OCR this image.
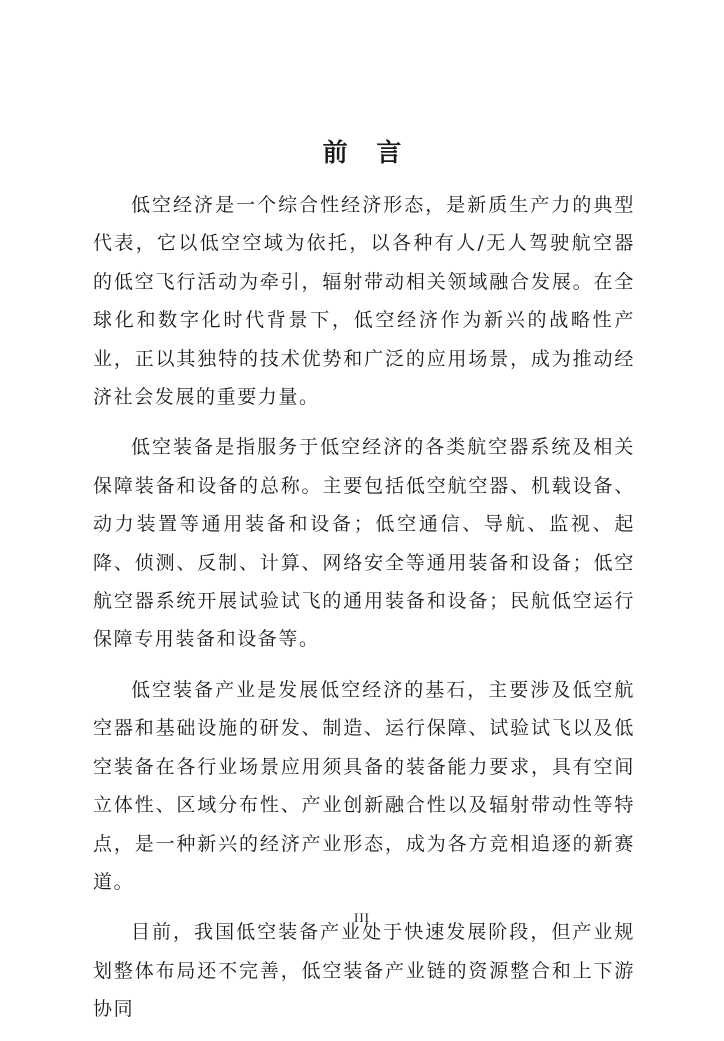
前 言

低空经济是一个综合性经济形态，是新质生产力的典型代表，它以低空空域为依托，以各种有人/无人驾驶航空器的低空飞行活动为牵引，辐射带动相关领域融合发展。在全球化和数字化时代背景下，低空经济作为新兴的战略性产业，正以其独特的技术优势和广泛的应用场景，成为推动经济社会发展的重要力量。

低空装备是指服务于低空经济的各类航空器系统及相关保障装备和设备的总称。主要包括低空航空器、机载设备、动力装置等通用装备和设备；低空通信、导航、监视、起降、侦测、反制、计算、网络安全等通用装备和设备；低空航空器系统开展试验试飞的通用装备和设备；民航低空运行保障专用装备和设备等。

低空装备产业是发展低空经济的基石，主要涉及低空航空器和基础设施的研发、制造、运行保障、试验试飞以及低空装备在各行业场景应用须具备的装备能力要求，具有空间立体性、区域分布性、产业创新融合性以及辐射带动性等特点，是一种新兴的经济产业形态，成为各方竞相追逐的新赛道。

目前，我国低空装备产业处于快速发展阶段，但产业规划整体布局还不完善，低空装备产业链的资源整合和上下游协同

III
